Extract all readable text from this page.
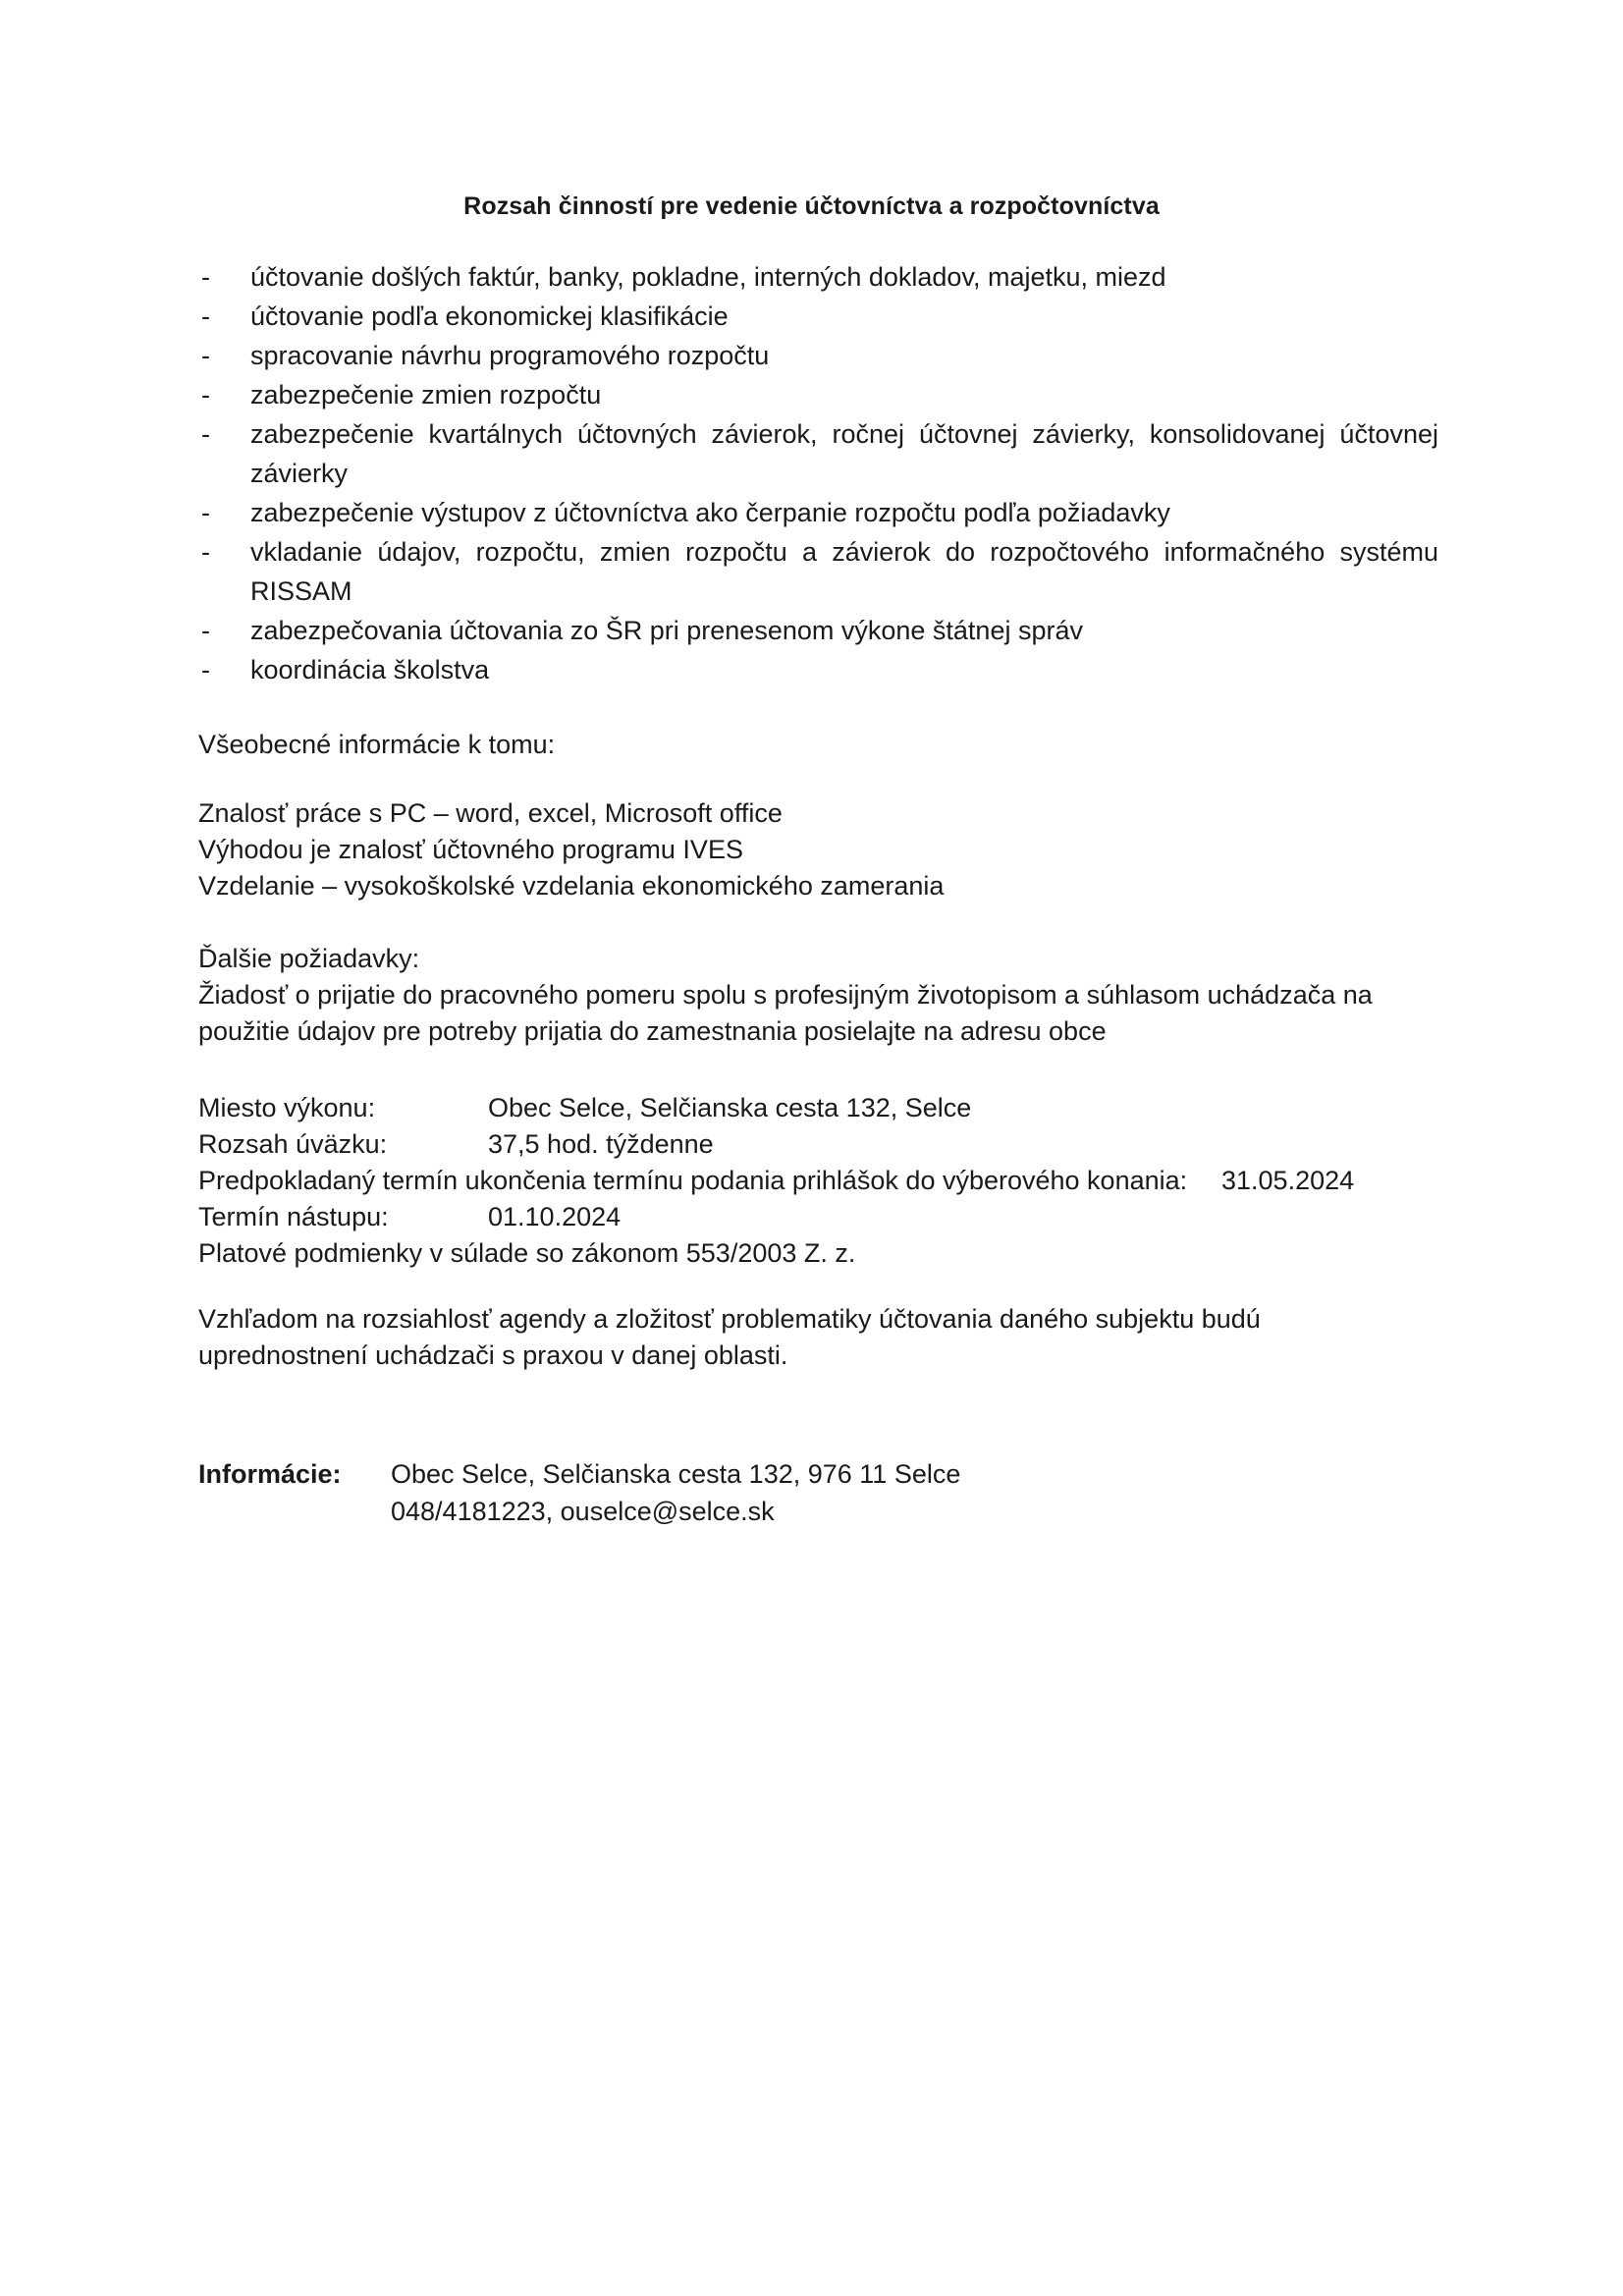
Rozsah činností pre vedenie účtovníctva a rozpočtovníctva
-	účtovanie došlých faktúr, banky, pokladne, interných dokladov, majetku, miezd
-	účtovanie podľa ekonomickej klasifikácie
-	spracovanie návrhu programového rozpočtu
-	zabezpečenie zmien rozpočtu
-	zabezpečenie kvartálnych účtovných závierok, ročnej účtovnej závierky, konsolidovanej účtovnej závierky
-	zabezpečenie výstupov z účtovníctva ako čerpanie rozpočtu podľa požiadavky
-	vkladanie údajov, rozpočtu, zmien rozpočtu a závierok do rozpočtového informačného systému RISSAM
-	zabezpečovania účtovania zo ŠR pri prenesenom výkone štátnej správ
-	koordinácia školstva
Všeobecné informácie k tomu:
Znalosť práce s PC – word, excel, Microsoft office
Výhodou je znalosť účtovného programu IVES
Vzdelanie – vysokoškolské vzdelania ekonomického zamerania
Ďalšie požiadavky:
Žiadosť o prijatie do pracovného pomeru spolu s profesijným životopisom a súhlasom uchádzača na použitie údajov pre potreby prijatia do zamestnania posielajte na adresu obce
Miesto výkonu:	Obec Selce, Selčianska cesta 132, Selce
Rozsah úväzku:	37,5 hod. týždenne
Predpokladaný termín ukončenia termínu podania prihlášok do výberového konania: 31.05.2024
Termín nástupu:	01.10.2024
Platové podmienky v súlade so zákonom 553/2003 Z. z.
Vzhľadom na rozsiahlosť agendy a zložitosť problematiky účtovania daného subjektu budú uprednostnení uchádzači s praxou v danej oblasti.
Informácie: Obec Selce, Selčianska cesta 132, 976 11 Selce
048/4181223, ouselce@selce.sk
